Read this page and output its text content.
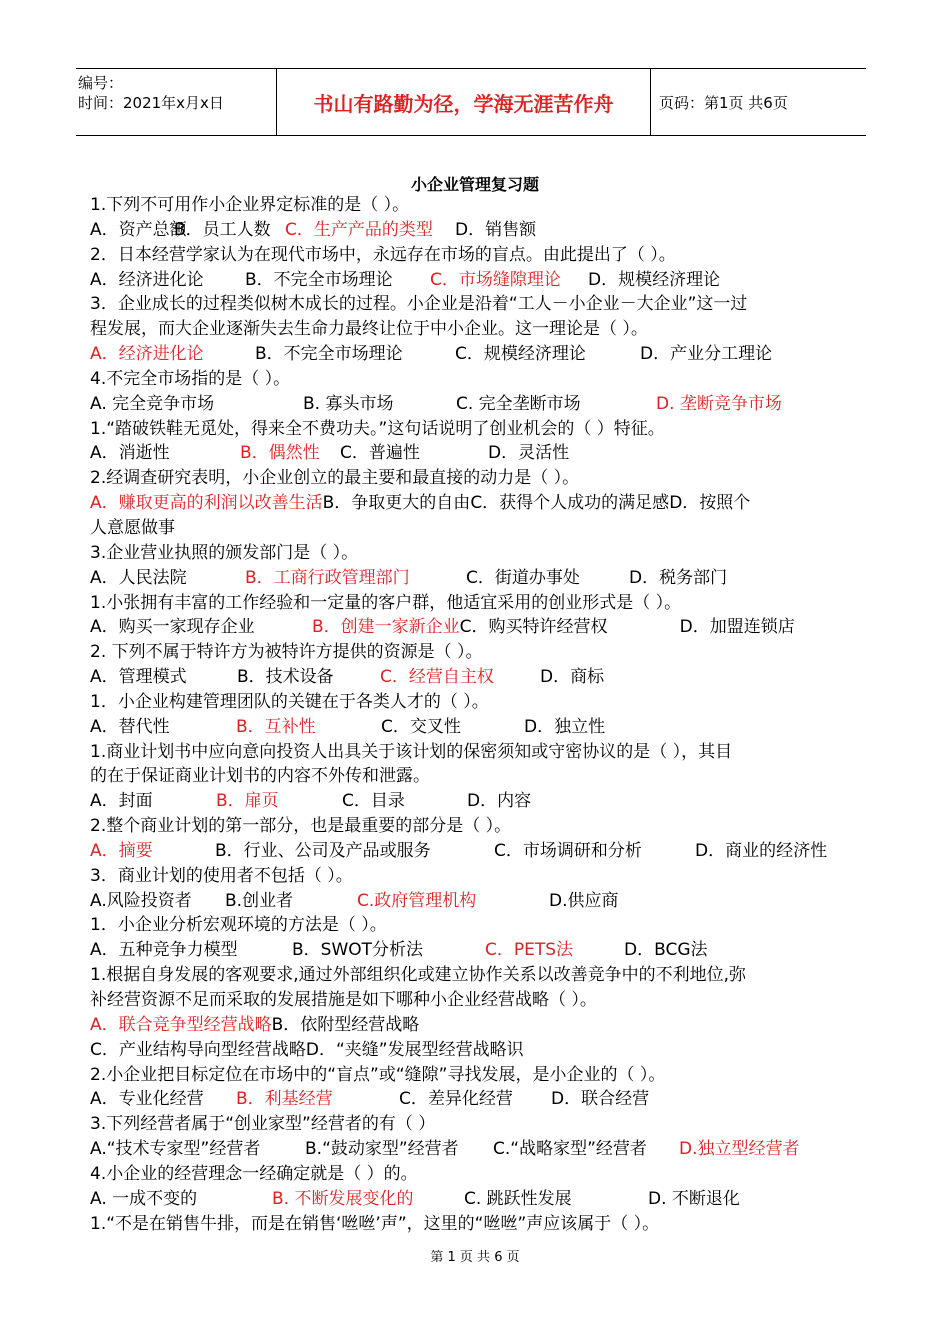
编号：
时间：2021年x月x日	书山有路勤为径，学海无涯苦作舟	页码：第1页 共6页
小企业管理复习题
1.下列不可用作小企业界定标准的是（ ）。
A．资产总额B．员工人数 C．生产产品的类型 D．销售额
2．日本经营学家认为在现代市场中，永远存在市场的盲点。由此提出了（ ）。
A．经济进化论 B．不完全市场理论 C．市场缝隙理论 D．规模经济理论
3．企业成长的过程类似树木成长的过程。小企业是沿着“工人－小企业－大企业”这一过
程发展，而大企业逐渐失去生命力最终让位于中小企业。这一理论是（ ）。
A．经济进化论	B．不完全市场理论	C．规模经济理论	D．产业分工理论
4.不完全市场指的是（ ）。
A. 完全竞争市场	B. 寡头市场	C. 完全垄断市场	D. 垄断竞争市场
1.“踏破铁鞋无觅处，得来全不费功夫。”这句话说明了创业机会的（ ）特征。
A．消逝性	B．偶然性 C．普遍性	D．灵活性
2.经调查研究表明，小企业创立的最主要和最直接的动力是（ ）。
A．赚取更高的利润以改善生活B．争取更大的自由C．获得个人成功的满足感D．按照个
人意愿做事
3.企业营业执照的颁发部门是（ ）。
A．人民法院	B．工商行政管理部门	C．街道办事处	D．税务部门
1.小张拥有丰富的工作经验和一定量的客户群，他适宜采用的创业形式是（ ）。
A．购买一家现存企业	B．创建一家新企业C．购买特许经营权	D．加盟连锁店
2. 下列不属于特许方为被特许方提供的资源是（ ）。
A．管理模式	B．技术设备	C．经营自主权	D．商标
1．小企业构建管理团队的关键在于各类人才的（ ）。
A．替代性	B．互补性	C．交叉性	D．独立性
1.商业计划书中应向意向投资人出具关于该计划的保密须知或守密协议的是（ ），其目
的在于保证商业计划书的内容不外传和泄露。
A．封面	B．扉页	C．目录	D．内容
2.整个商业计划的第一部分，也是最重要的部分是（ ）。
A．摘要	B．行业、公司及产品或服务	C．市场调研和分析	D．商业的经济性
3．商业计划的使用者不包括（ ）。
A.风险投资者 B.创业者	C.政府管理机构	D.供应商
1．小企业分析宏观环境的方法是（ ）。
A．五种竞争力模型	B．SWOT分析法	C．PETS法	D．BCG法
1.根据自身发展的客观要求,通过外部组织化或建立协作关系以改善竞争中的不利地位,弥
补经营资源不足而采取的发展措施是如下哪种小企业经营战略（ ）。
A．联合竞争型经营战略B．依附型经营战略
C．产业结构导向型经营战略D．“夹缝”发展型经营战略识
2.小企业把目标定位在市场中的“盲点”或“缝隙”寻找发展，是小企业的（ ）。
A．专业化经营 B．利基经营	C．差异化经营 D．联合经营
3.下列经营者属于“创业家型”经营者的有（ ）
A.“技术专家型”经营者	B.“鼓动家型”经营者C.“战略家型”经营者D.独立型经营者
4.小企业的经营理念一经确定就是（ ）的。
A. 一成不变的	B. 不断发展变化的	C. 跳跃性发展	D. 不断退化
1.“不是在销售牛排，而是在销售‘咝咝’声”，这里的“咝咝”声应该属于（ ）。
第 1 页 共 6 页
